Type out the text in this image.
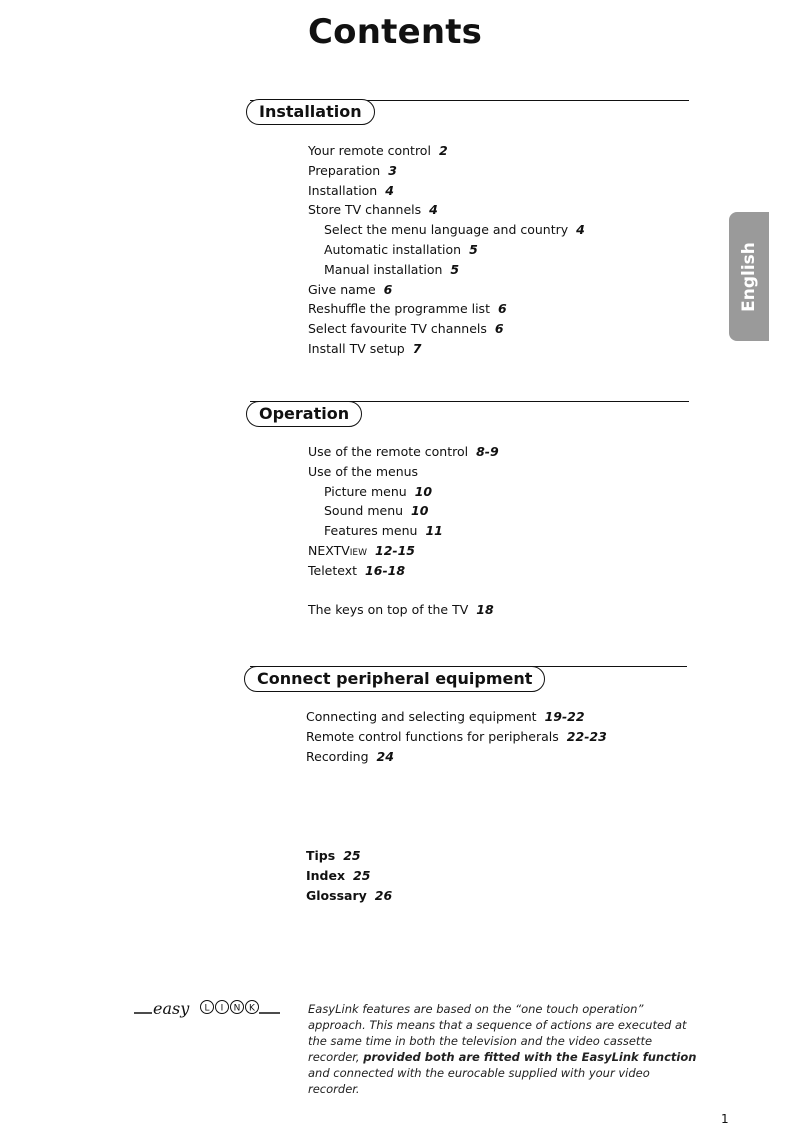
Contents
Installation
Your remote control 2
Preparation 3
Installation 4
Store TV channels 4
Select the menu language and country 4
Automatic installation 5
Manual installation 5
Give name 6
Reshuffle the programme list 6
Select favourite TV channels 6
Install TV setup 7
Operation
Use of the remote control 8-9
Use of the menus
Picture menu 10
Sound menu 10
Features menu 11
NEXTView 12-15
Teletext 16-18
The keys on top of the TV 18
Connect peripheral equipment
Connecting and selecting equipment 19-22
Remote control functions for peripherals 22-23
Recording 24
Tips 25
Index 25
Glossary 26
English
easy L I N K	EasyLink features are based on the “one touch operation” approach. This means that a sequence of actions are executed at the same time in both the television and the video cassette recorder, provided both are fitted with the EasyLink function and connected with the eurocable supplied with your video recorder.

1
